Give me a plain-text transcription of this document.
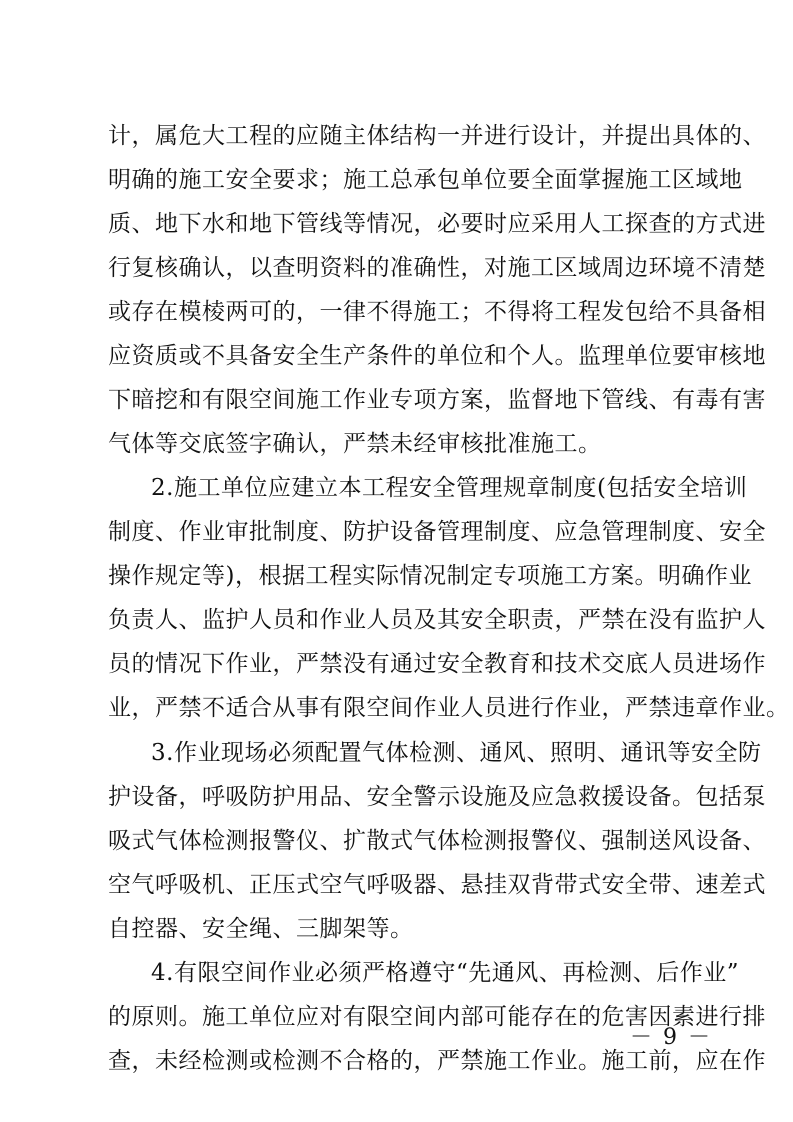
计，属危大工程的应随主体结构一并进行设计，并提出具体的、
明确的施工安全要求；施工总承包单位要全面掌握施工区域地
质、地下水和地下管线等情况，必要时应采用人工探查的方式进
行复核确认，以查明资料的准确性，对施工区域周边环境不清楚
或存在模棱两可的，一律不得施工；不得将工程发包给不具备相
应资质或不具备安全生产条件的单位和个人。监理单位要审核地
下暗挖和有限空间施工作业专项方案，监督地下管线、有毒有害
气体等交底签字确认，严禁未经审核批准施工。
2.施工单位应建立本工程安全管理规章制度(包括安全培训
制度、作业审批制度、防护设备管理制度、应急管理制度、安全
操作规定等)，根据工程实际情况制定专项施工方案。明确作业
负责人、监护人员和作业人员及其安全职责，严禁在没有监护人
员的情况下作业，严禁没有通过安全教育和技术交底人员进场作
业，严禁不适合从事有限空间作业人员进行作业，严禁违章作业。
3.作业现场必须配置气体检测、通风、照明、通讯等安全防
护设备，呼吸防护用品、安全警示设施及应急救援设备。包括泵
吸式气体检测报警仪、扩散式气体检测报警仪、强制送风设备、
空气呼吸机、正压式空气呼吸器、悬挂双背带式安全带、速差式
自控器、安全绳、三脚架等。
4.有限空间作业必须严格遵守“先通风、再检测、后作业”
的原则。施工单位应对有限空间内部可能存在的危害因素进行排
查，未经检测或检测不合格的，严禁施工作业。施工前，应在作
－ 9 －
